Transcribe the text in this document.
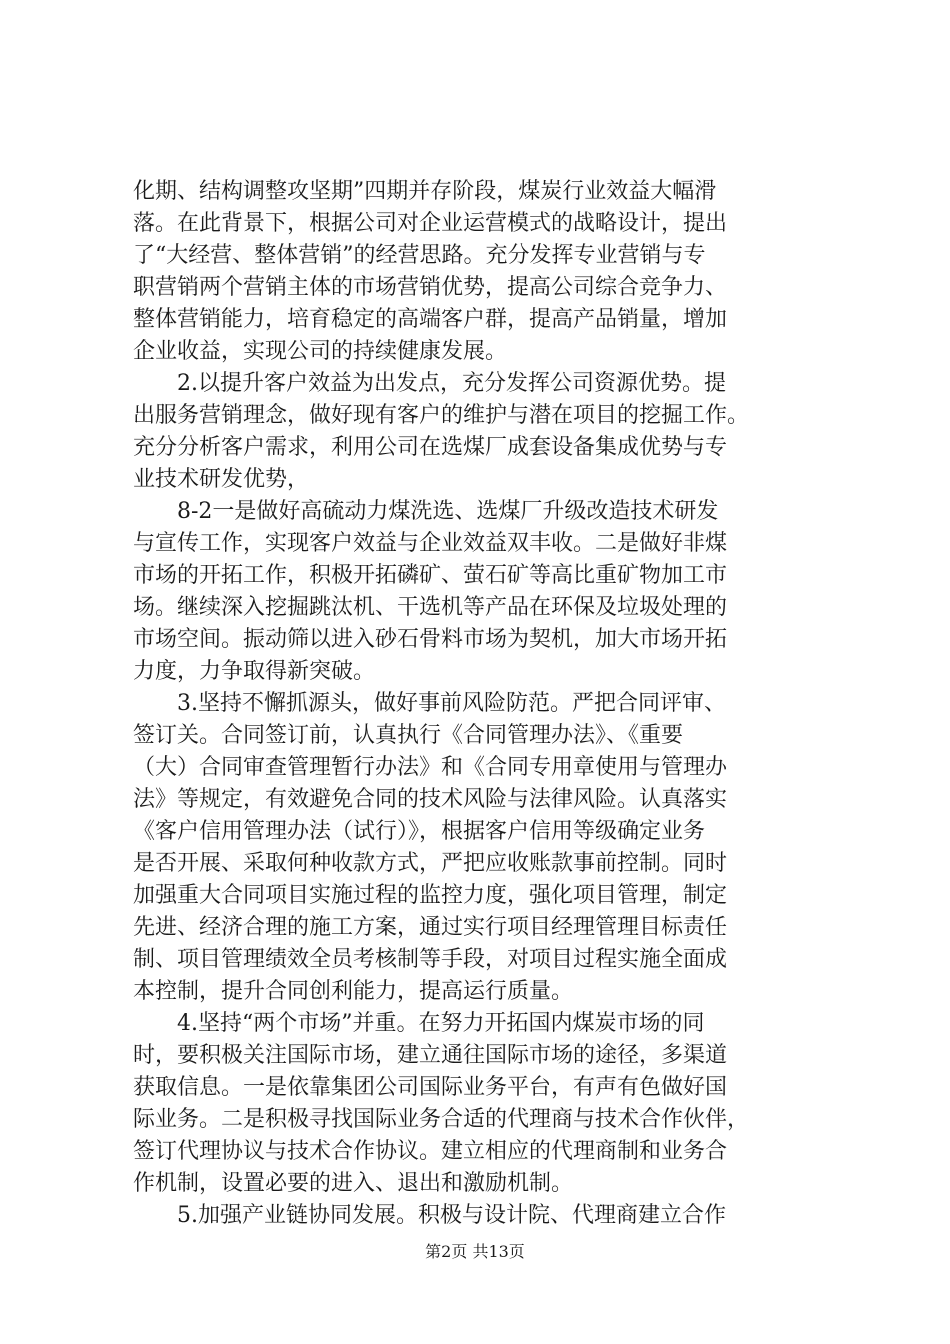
化期、结构调整攻坚期”四期并存阶段，煤炭行业效益大幅滑
落。在此背景下，根据公司对企业运营模式的战略设计，提出
了“大经营、整体营销”的经营思路。充分发挥专业营销与专
职营销两个营销主体的市场营销优势，提高公司综合竞争力、
整体营销能力，培育稳定的高端客户群，提高产品销量，增加
企业收益，实现公司的持续健康发展。
2.以提升客户效益为出发点，充分发挥公司资源优势。提
出服务营销理念，做好现有客户的维护与潜在项目的挖掘工作。
充分分析客户需求，利用公司在选煤厂成套设备集成优势与专
业技术研发优势，
8-2一是做好高硫动力煤洗选、选煤厂升级改造技术研发
与宣传工作，实现客户效益与企业效益双丰收。二是做好非煤
市场的开拓工作，积极开拓磷矿、萤石矿等高比重矿物加工市
场。继续深入挖掘跳汰机、干选机等产品在环保及垃圾处理的
市场空间。振动筛以进入砂石骨料市场为契机，加大市场开拓
力度，力争取得新突破。
3.坚持不懈抓源头，做好事前风险防范。严把合同评审、
签订关。合同签订前，认真执行《合同管理办法》、《重要
（大）合同审查管理暂行办法》和《合同专用章使用与管理办
法》等规定，有效避免合同的技术风险与法律风险。认真落实
《客户信用管理办法（试行）》，根据客户信用等级确定业务
是否开展、采取何种收款方式，严把应收账款事前控制。同时
加强重大合同项目实施过程的监控力度，强化项目管理，制定
先进、经济合理的施工方案，通过实行项目经理管理目标责任
制、项目管理绩效全员考核制等手段，对项目过程实施全面成
本控制，提升合同创利能力，提高运行质量。
4.坚持“两个市场”并重。在努力开拓国内煤炭市场的同
时，要积极关注国际市场，建立通往国际市场的途径，多渠道
获取信息。一是依靠集团公司国际业务平台，有声有色做好国
际业务。二是积极寻找国际业务合适的代理商与技术合作伙伴，
签订代理协议与技术合作协议。建立相应的代理商制和业务合
作机制，设置必要的进入、退出和激励机制。
5.加强产业链协同发展。积极与设计院、代理商建立合作
第2页 共13页
